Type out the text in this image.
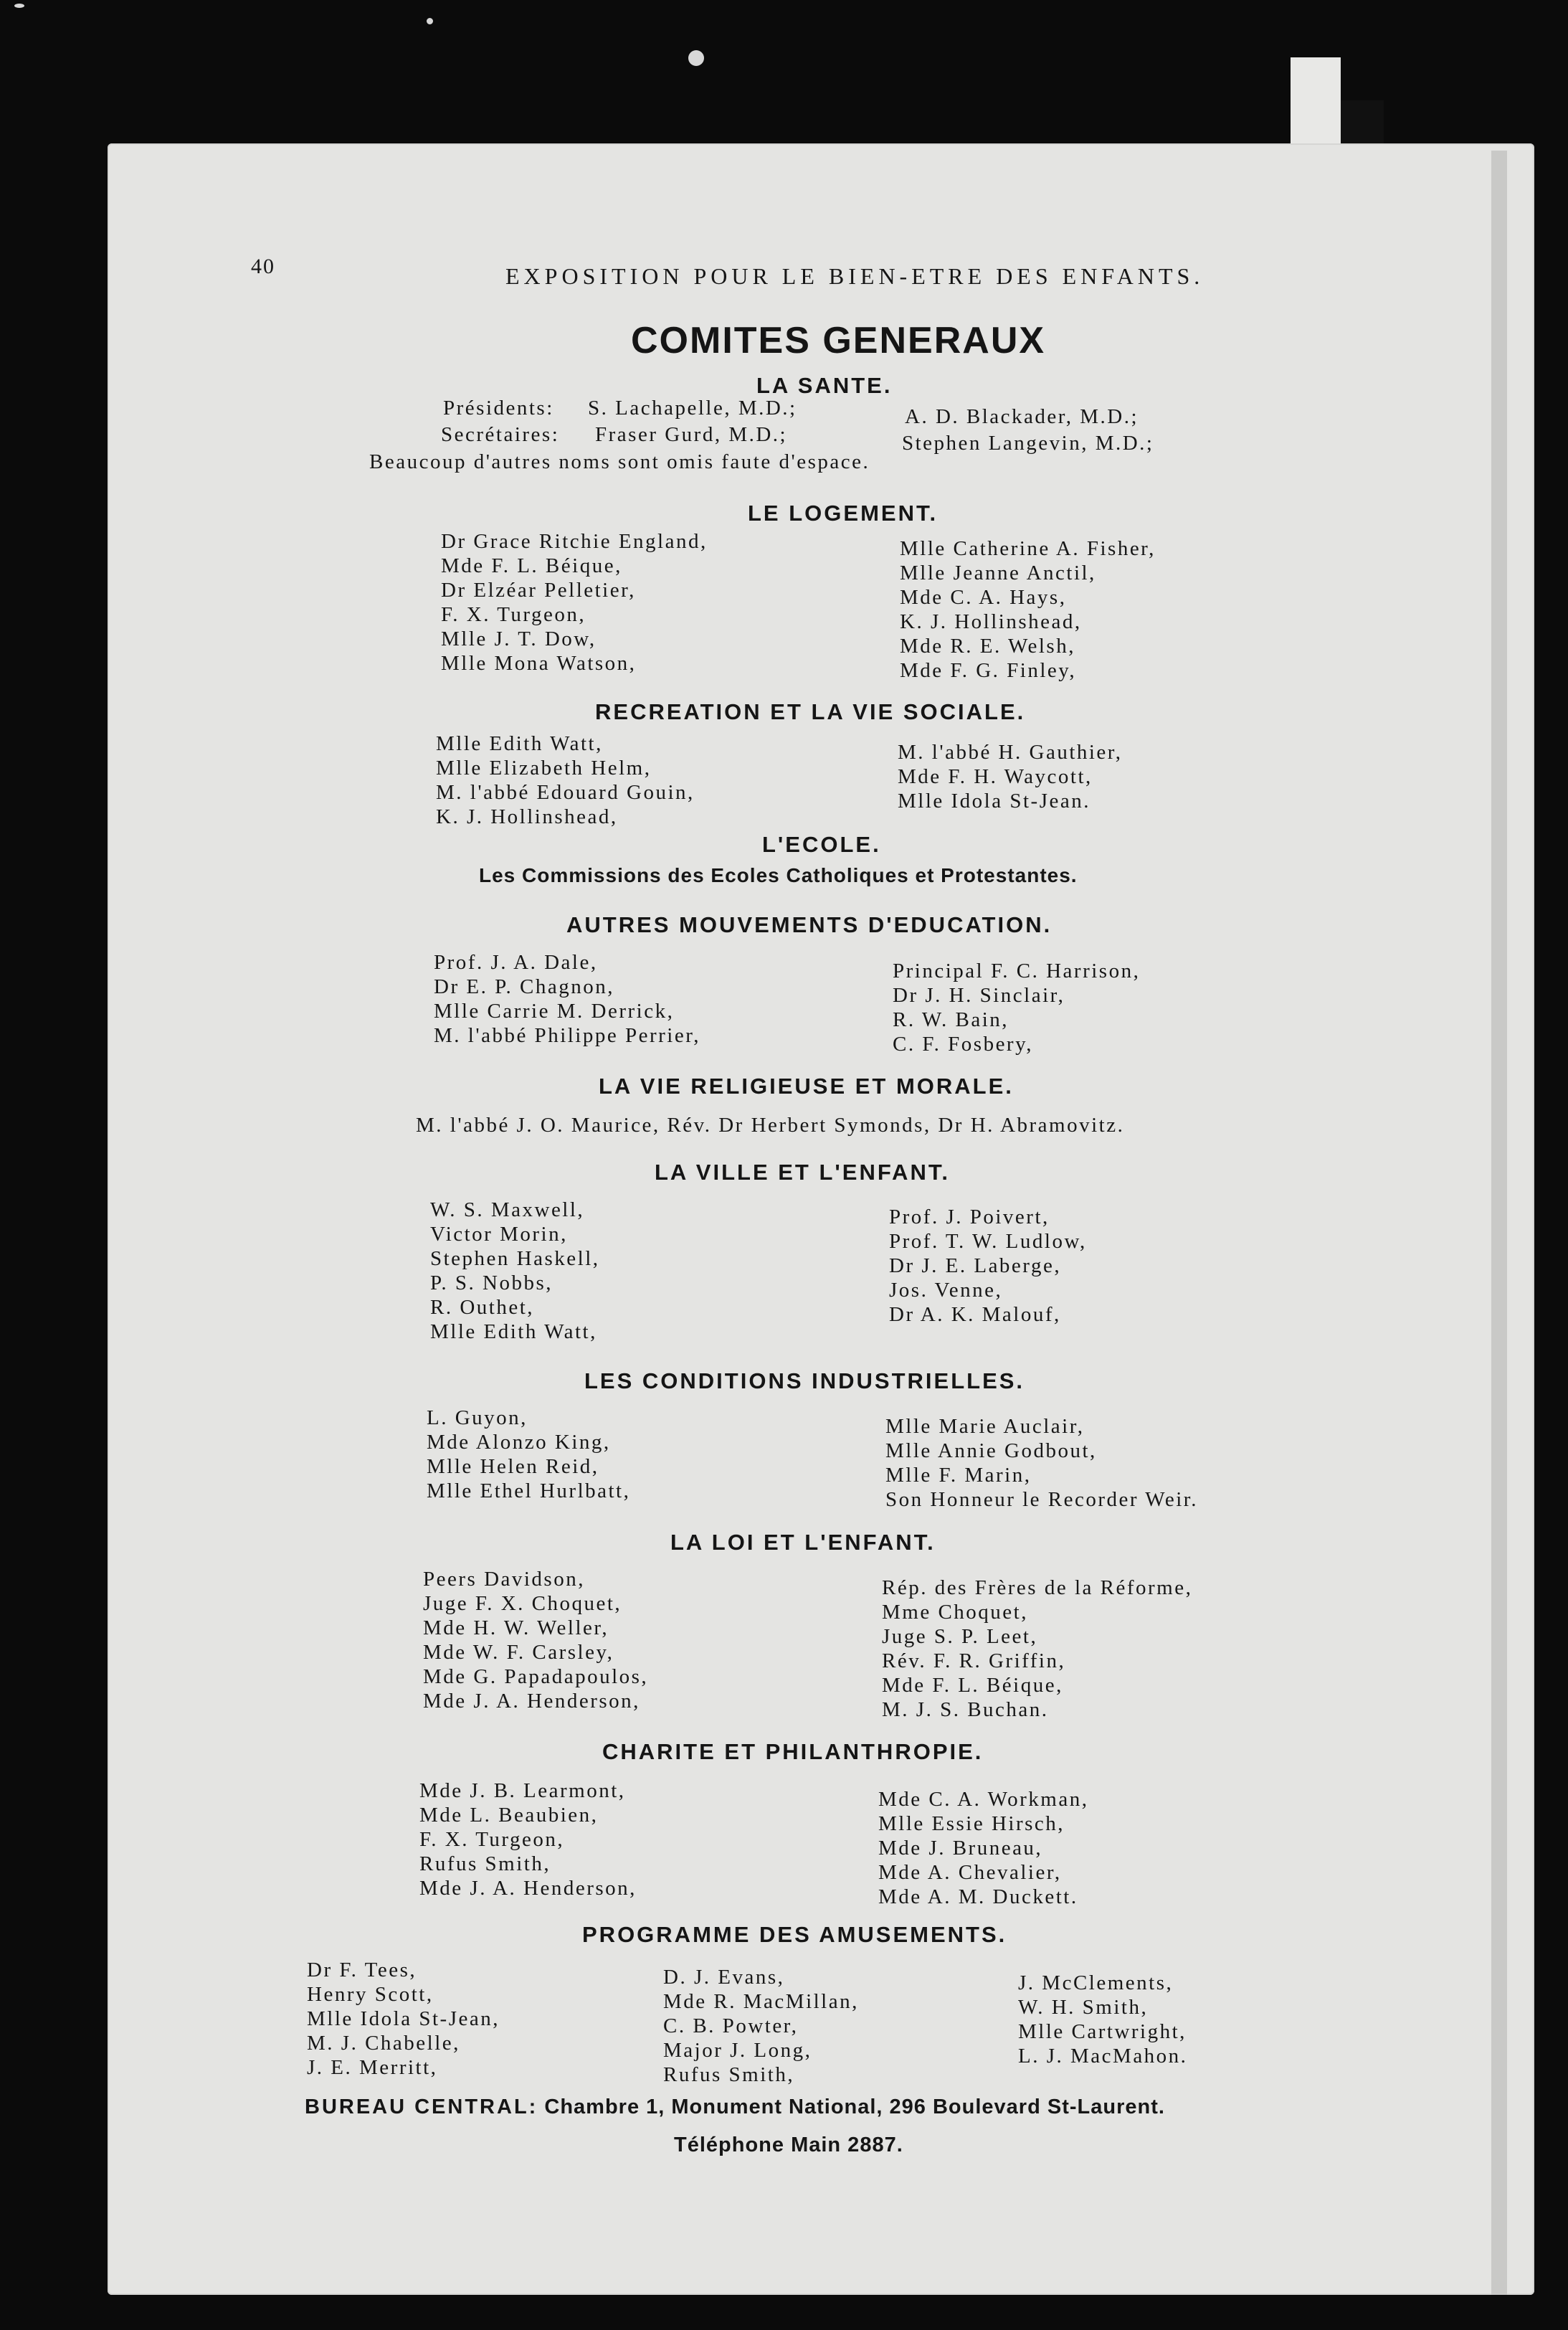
40	EXPOSITION POUR LE BIEN-ETRE DES ENFANTS.
COMITES GENERAUX
LA SANTE.
Présidents: S. Lachapelle, M.D.;	A. D. Blackader, M.D.;
Secrétaires: Fraser Gurd, M.D.;	Stephen Langevin, M.D.;
Beaucoup d'autres noms sont omis faute d'espace.
LE LOGEMENT.
Dr Grace Ritchie England,
Mde F. L. Béique,
Dr Elzéar Pelletier,
F. X. Turgeon,
Mlle J. T. Dow,
Mlle Mona Watson,
Mlle Catherine A. Fisher,
Mlle Jeanne Anctil,
Mde C. A. Hays,
K. J. Hollinshead,
Mde R. E. Welsh,
Mde F. G. Finley,
RECREATION ET LA VIE SOCIALE.
Mlle Edith Watt,
Mlle Elizabeth Helm,
M. l'abbé Edouard Gouin,
K. J. Hollinshead,
M. l'abbé H. Gauthier,
Mde F. H. Waycott,
Mlle Idola St-Jean.
L'ECOLE.
Les Commissions des Ecoles Catholiques et Protestantes.
AUTRES MOUVEMENTS D'EDUCATION.
Prof. J. A. Dale,
Dr E. P. Chagnon,
Mlle Carrie M. Derrick,
M. l'abbé Philippe Perrier,
Principal F. C. Harrison,
Dr J. H. Sinclair,
R. W. Bain,
C. F. Fosbery,
LA VIE RELIGIEUSE ET MORALE.
M. l'abbé J. O. Maurice, Rév. Dr Herbert Symonds, Dr H. Abramovitz.
LA VILLE ET L'ENFANT.
W. S. Maxwell,
Victor Morin,
Stephen Haskell,
P. S. Nobbs,
R. Outhet,
Mlle Edith Watt,
Prof. J. Poivert,
Prof. T. W. Ludlow,
Dr J. E. Laberge,
Jos. Venne,
Dr A. K. Malouf,
LES CONDITIONS INDUSTRIELLES.
L. Guyon,
Mde Alonzo King,
Mlle Helen Reid,
Mlle Ethel Hurlbatt,
Mlle Marie Auclair,
Mlle Annie Godbout,
Mlle F. Marin,
Son Honneur le Recorder Weir.
LA LOI ET L'ENFANT.
Peers Davidson,
Juge F. X. Choquet,
Mde H. W. Weller,
Mde W. F. Carsley,
Mde G. Papadapoulos,
Mde J. A. Henderson,
Rép. des Frères de la Réforme,
Mme Choquet,
Juge S. P. Leet,
Rév. F. R. Griffin,
Mde F. L. Béique,
M. J. S. Buchan.
CHARITE ET PHILANTHROPIE.
Mde J. B. Learmont,
Mde L. Beaubien,
F. X. Turgeon,
Rufus Smith,
Mde J. A. Henderson,
Mde C. A. Workman,
Mlle Essie Hirsch,
Mde J. Bruneau,
Mde A. Chevalier,
Mde A. M. Duckett.
PROGRAMME DES AMUSEMENTS.
Dr F. Tees,
Henry Scott,
Mlle Idola St-Jean,
M. J. Chabelle,
J. E. Merritt,
D. J. Evans,
Mde R. MacMillan,
C. B. Powter,
Major J. Long,
Rufus Smith,
J. McClements,
W. H. Smith,
Mlle Cartwright,
L. J. MacMahon.
BUREAU CENTRAL: Chambre 1, Monument National, 296 Boulevard St-Laurent.
Téléphone Main 2887.
